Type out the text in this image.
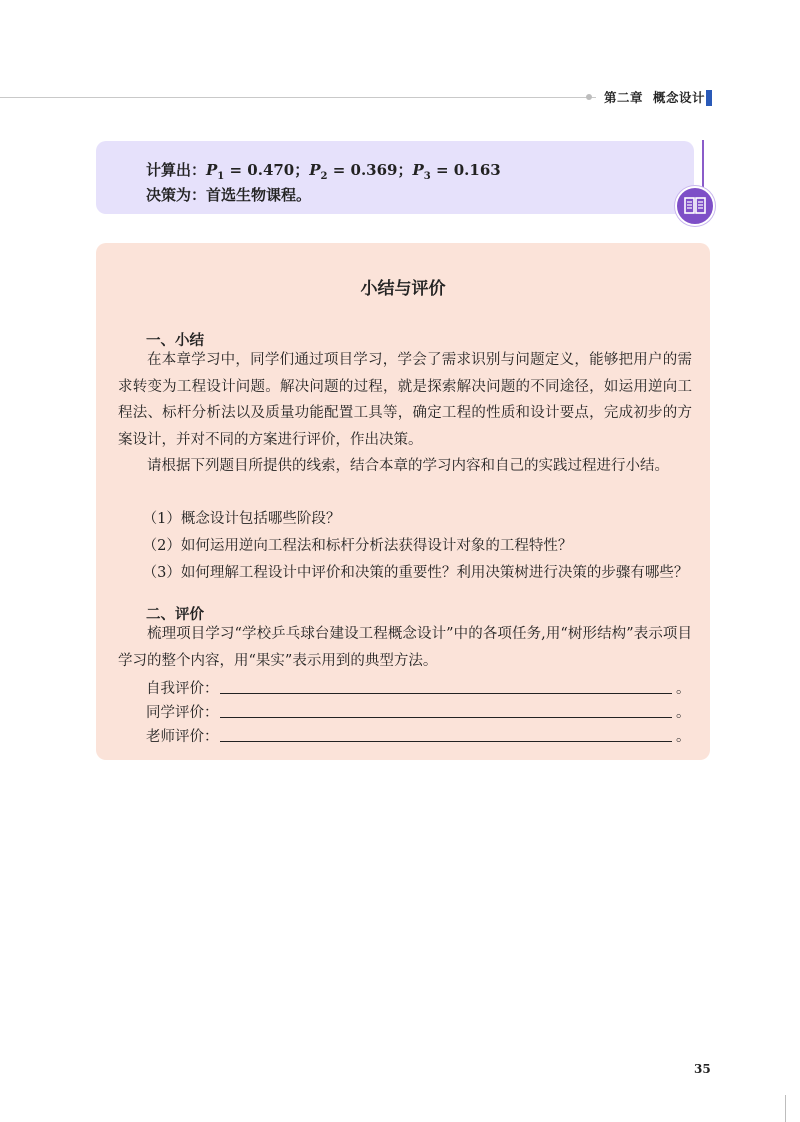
第二章 概念设计
计算出：$P_1 = 0.470$；$P_2 = 0.369$；$P_3 = 0.163$
决策为：首选生物课程。
小结与评价
一、小结

在本章学习中，同学们通过项目学习，学会了需求识别与问题定义，能够把用户的需求转变为工程设计问题。解决问题的过程，就是探索解决问题的不同途径，如运用逆向工程法、标杆分析法以及质量功能配置工具等，确定工程的性质和设计要点，完成初步的方案设计，并对不同的方案进行评价，作出决策。

请根据下列题目所提供的线索，结合本章的学习内容和自己的实践过程进行小结。

（1）概念设计包括哪些阶段？

（2）如何运用逆向工程法和标杆分析法获得设计对象的工程特性？

（3）如何理解工程设计中评价和决策的重要性？利用决策树进行决策的步骤有哪些？

二、评价

梳理项目学习“学校乒乓球台建设工程概念设计”中的各项任务,用“树形结构”表示项目学习的整个内容，用“果实”表示用到的典型方法。

自我评价：	。
同学评价：	。
老师评价：	。
35
